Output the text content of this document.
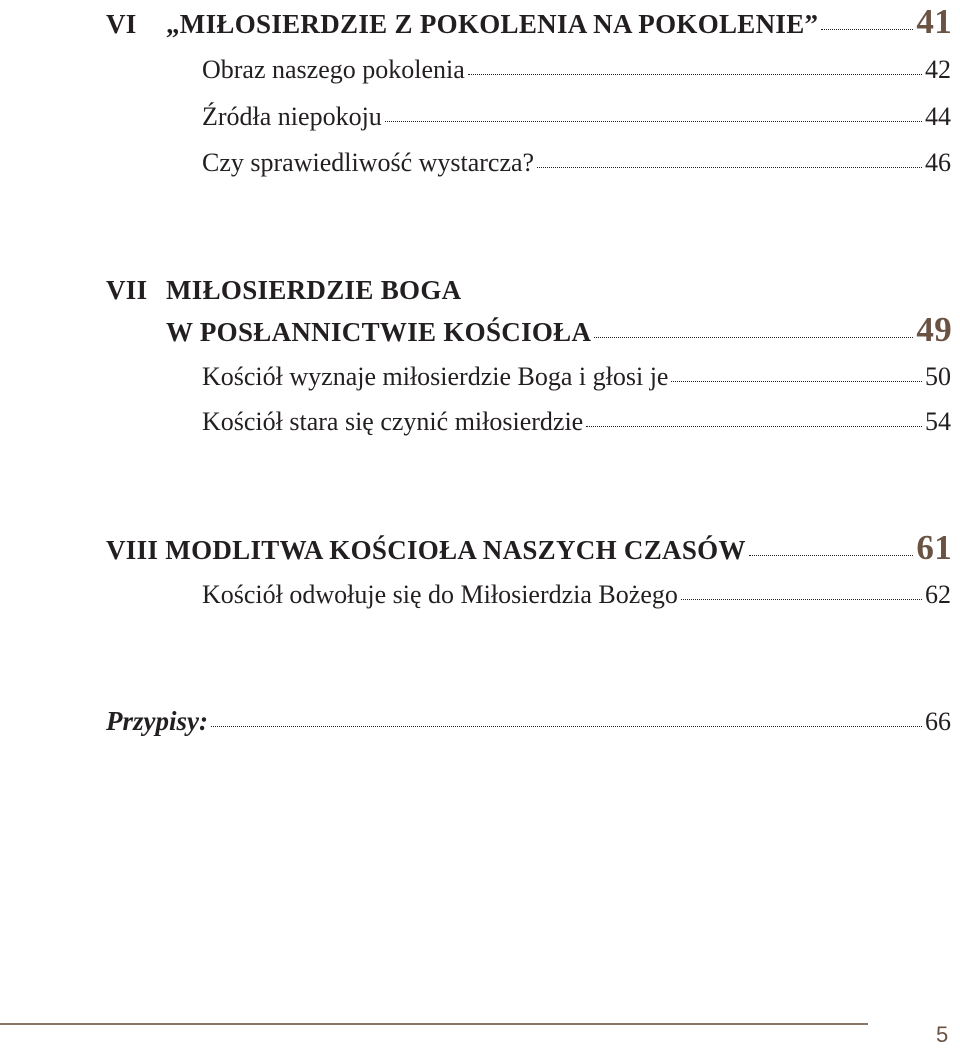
VI „MIŁOSIERDZIE Z POKOLENIA NA POKOLENIE”	41
Obraz naszego pokolenia	42
Źródła niepokoju	44
Czy sprawiedliwość wystarcza?	46
VII MIŁOSIERDZIE BOGA
W POSŁANNICTWIE KOŚCIOŁA	49
Kościół wyznaje miłosierdzie Boga i głosi je	50
Kościół stara się czynić miłosierdzie	54
VIII MODLITWA KOŚCIOŁA NASZYCH CZASÓW	61
Kościół odwołuje się do Miłosierdzia Bożego	62
Przypisy:	66
5
